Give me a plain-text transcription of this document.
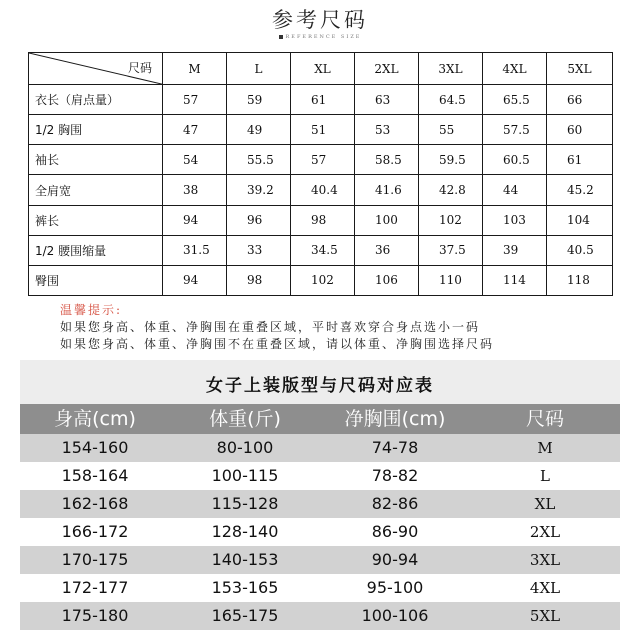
参考尺码
REFERENCE SIZE
尺码	M	L	XL	2XL	3XL	4XL	5XL
衣长（肩点量）	57	59	61	63	64.5	65.5	66
1/2 胸围	47	49	51	53	55	57.5	60
袖长	54	55.5	57	58.5	59.5	60.5	61
全肩宽	38	39.2	40.4	41.6	42.8	44	45.2
裤长	94	96	98	100	102	103	104
1/2 腰围缩量	31.5	33	34.5	36	37.5	39	40.5
臀围	94	98	102	106	110	114	118
温馨提示:
如果您身高、体重、净胸围在重叠区域，平时喜欢穿合身点选小一码
如果您身高、体重、净胸围不在重叠区域，请以体重、净胸围选择尺码
女子上装版型与尺码对应表
身高(cm)	体重(斤)	净胸围(cm)	尺码
154-160	80-100	74-78	M
158-164	100-115	78-82	L
162-168	115-128	82-86	XL
166-172	128-140	86-90	2XL
170-175	140-153	90-94	3XL
172-177	153-165	95-100	4XL
175-180	165-175	100-106	5XL
